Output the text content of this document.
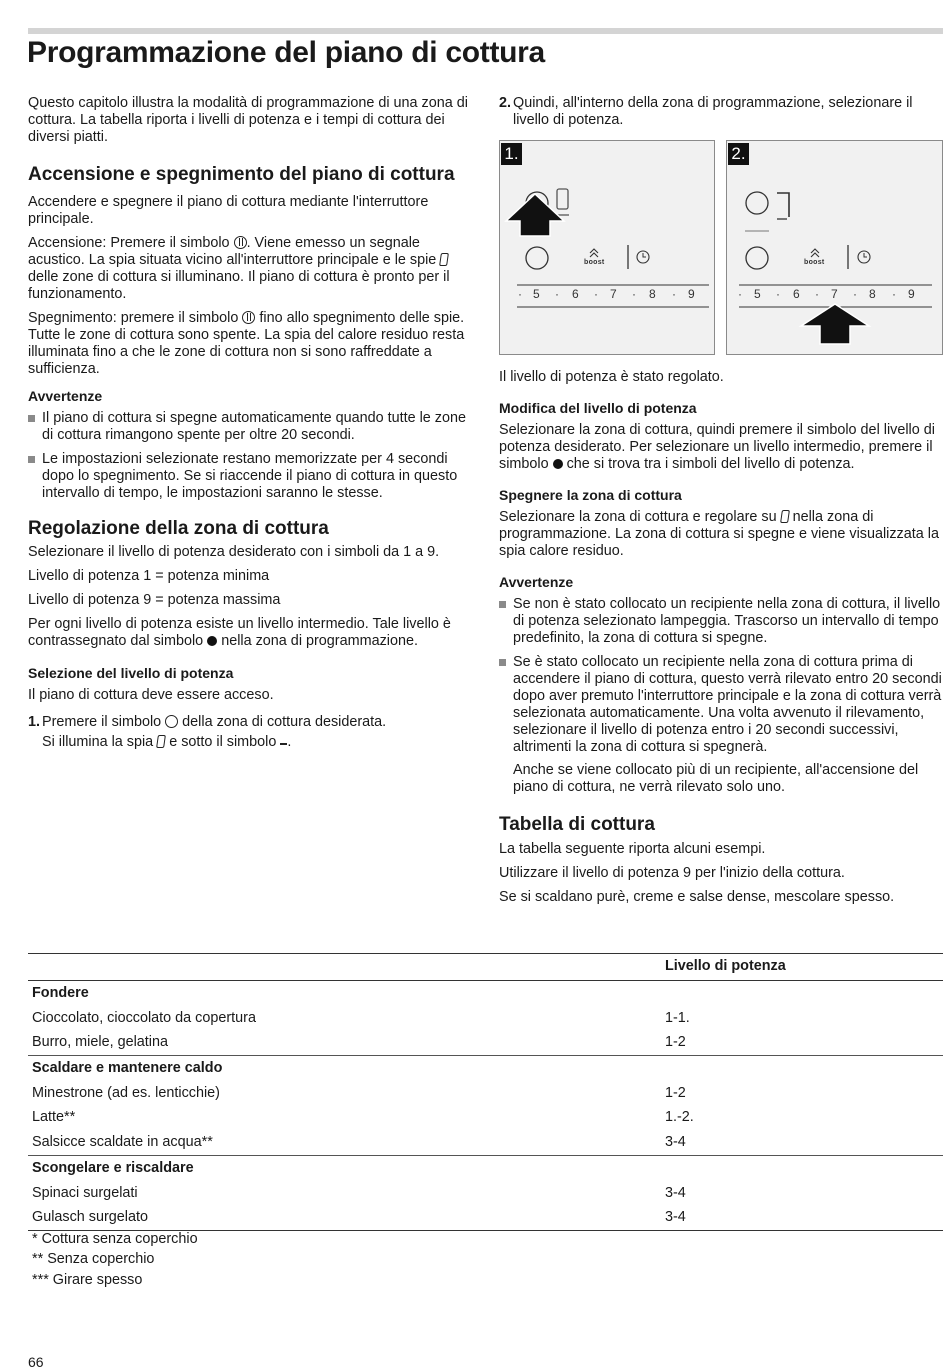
Programmazione del piano di cottura

Questo capitolo illustra la modalità di programmazione di una zona di cottura. La tabella riporta i livelli di potenza e i tempi di cottura dei diversi piatti.

Accensione e spegnimento del piano di cottura

Accendere e spegnere il piano di cottura mediante l'interruttore principale.

Accensione: Premere il simbolo . Viene emesso un segnale acustico. La spia situata vicino all'interruttore principale e le spie  delle zone di cottura si illuminano. Il piano di cottura è pronto per il funzionamento.

Spegnimento: premere il simbolo fino allo spegnimento delle spie. Tutte le zone di cottura sono spente. La spia del calore residuo resta illuminata fino a che le zone di cottura non si sono raffreddate a sufficienza.

Avvertenze
Il piano di cottura si spegne automaticamente quando tutte le zone di cottura rimangono spente per oltre 20 secondi.
Le impostazioni selezionate restano memorizzate per 4 secondi dopo lo spegnimento. Se si riaccende il piano di cottura in questo intervallo di tempo, le impostazioni saranno le stesse.
Regolazione della zona di cottura

Selezionare il livello di potenza desiderato con i simboli da 1 a 9.

Livello di potenza 1 = potenza minima

Livello di potenza 9 = potenza massima

Per ogni livello di potenza esiste un livello intermedio. Tale livello è contrassegnato dal simbolo nella zona di programmazione.

Selezione del livello di potenza

Il piano di cottura deve essere acceso.

1. Premere il simbolo della zona di cottura desiderata.
Si illumina la spia e sotto il simbolo .
2. Quindi, all'interno della zona di programmazione, selezionare il livello di potenza.
1.
boost
· 5 · 6 · 7 · 8 · 9
2.
boost
· 5 · 6 · 7 · 8 · 9

Il livello di potenza è stato regolato.

Modifica del livello di potenza

Selezionare la zona di cottura, quindi premere il simbolo del livello di potenza desiderato. Per selezionare un livello intermedio, premere il simbolo che si trova tra i simboli del livello di potenza.

Spegnere la zona di cottura

Selezionare la zona di cottura e regolare su nella zona di programmazione. La zona di cottura si spegne e viene visualizzata la spia calore residuo.

Avvertenze
Se non è stato collocato un recipiente nella zona di cottura, il livello di potenza selezionato lampeggia. Trascorso un intervallo di tempo predefinito, la zona di cottura si spegne.
Se è stato collocato un recipiente nella zona di cottura prima di accendere il piano di cottura, questo verrà rilevato entro 20 secondi dopo aver premuto l'interruttore principale e la zona di cottura verrà selezionata automaticamente. Una volta avvenuto il rilevamento, selezionare il livello di potenza entro i 20 secondi successivi, altrimenti la zona di cottura si spegnerà.
Anche se viene collocato più di un recipiente, all'accensione del piano di cottura, ne verrà rilevato solo uno.
Tabella di cottura

La tabella seguente riporta alcuni esempi.

Utilizzare il livello di potenza 9 per l'inizio della cottura.

Se si scaldano purè, creme e salse dense, mescolare spesso.

Livello di potenza
Fondere
Cioccolato, cioccolato da copertura	1-1.
Burro, miele, gelatina	1-2
Scaldare e mantenere caldo
Minestrone (ad es. lenticchie)	1-2
Latte**	1.-2.
Salsicce scaldate in acqua**	3-4
Scongelare e riscaldare
Spinaci surgelati	3-4
Gulasch surgelato	3-4
* Cottura senza coperchio
** Senza coperchio
*** Girare spesso
66
